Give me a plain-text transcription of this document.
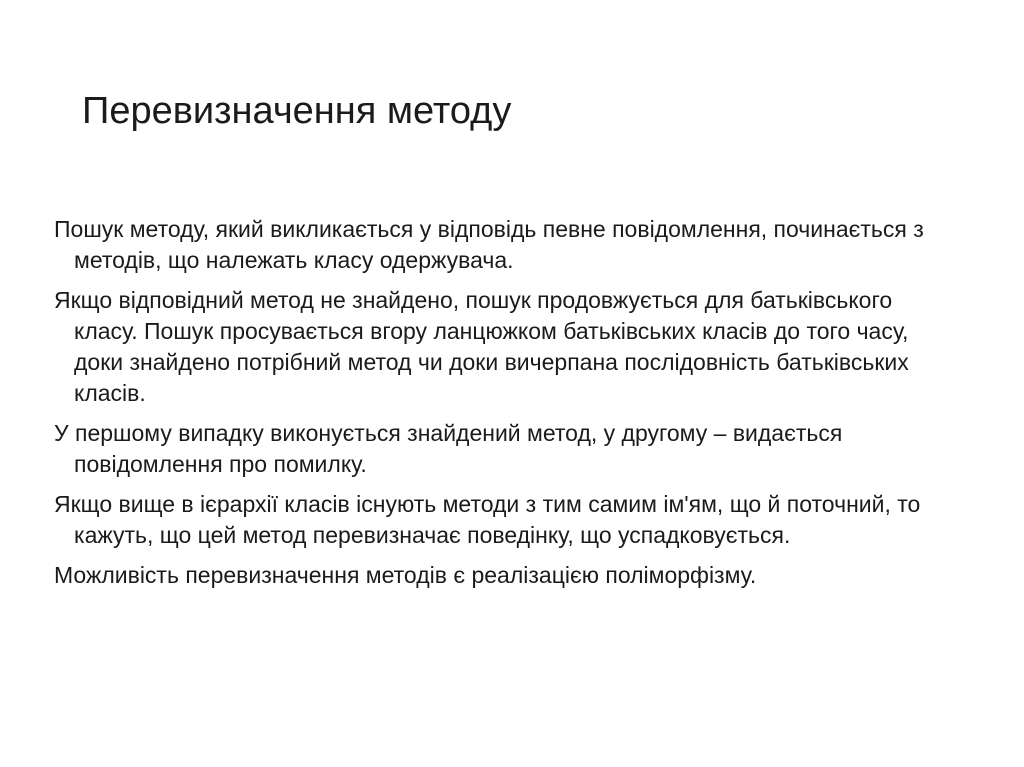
Перевизначення методу
Пошук методу, який викликається у відповідь певне повідомлення, починається з методів, що належать класу одержувача.
Якщо відповідний метод не знайдено, пошук продовжується для батьківського класу. Пошук просувається вгору ланцюжком батьківських класів до того часу, доки знайдено потрібний метод чи доки вичерпана послідовність батьківських класів.
У першому випадку виконується знайдений метод, у другому – видається повідомлення про помилку.
Якщо вище в ієрархії класів існують методи з тим самим ім'ям, що й поточний, то кажуть, що цей метод перевизначає поведінку, що успадковується.
Можливість перевизначення методів є реалізацією поліморфізму.
